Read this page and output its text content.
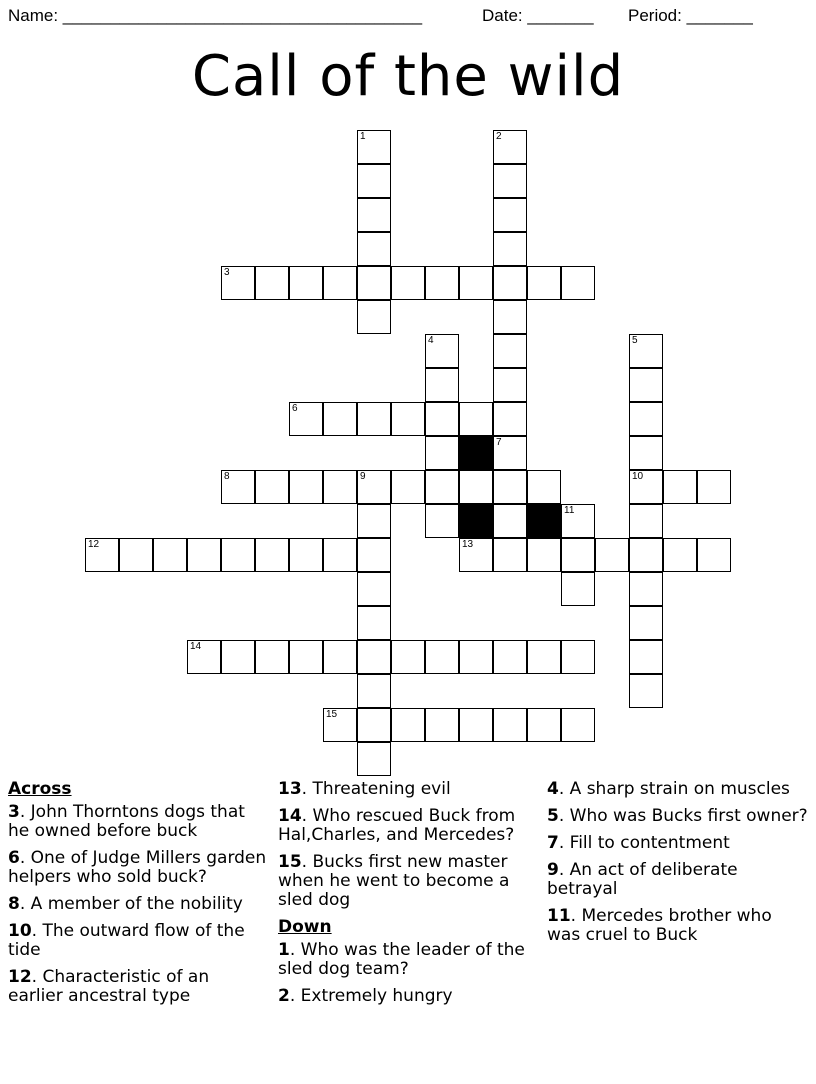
Name: ______________________________________	Date: _______ Period: _______
Call of the wild
1	2
3
4	5
10
6
7
8	9
11
12	13
14
15
Across
3. John Thorntons dogs that he owned before buck
6. One of Judge Millers garden helpers who sold buck?
8. A member of the nobility
10. The outward flow of the tide
12. Characteristic of an earlier ancestral type
13. Threatening evil
14. Who rescued Buck from Hal,Charles, and Mercedes?
15. Bucks first new master when he went to become a sled dog
Down
1. Who was the leader of the sled dog team?
2. Extremely hungry
4. A sharp strain on muscles
5. Who was Bucks first owner?
7. Fill to contentment
9. An act of deliberate betrayal
11. Mercedes brother who was cruel to Buck
